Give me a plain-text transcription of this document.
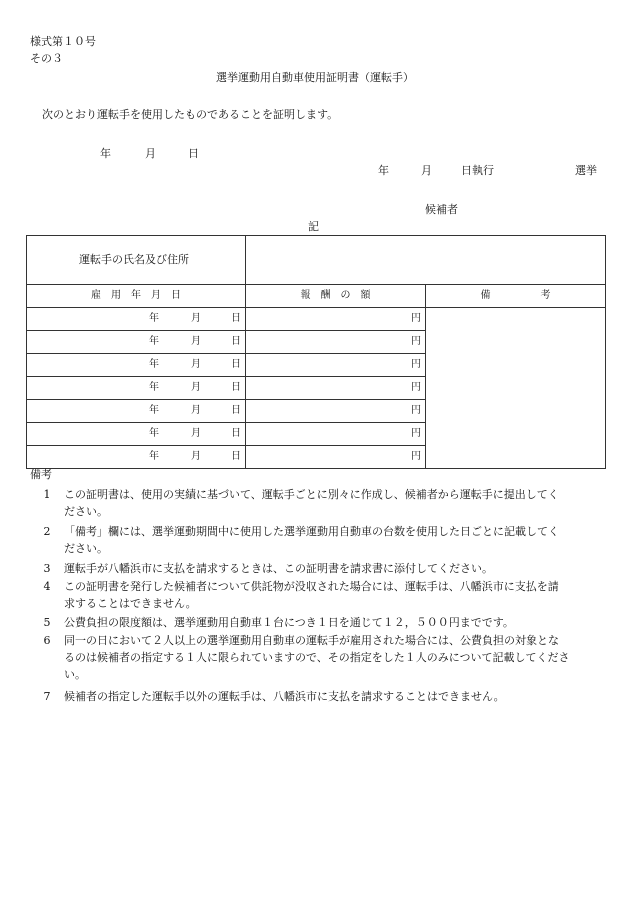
様式第１０号
その３
選挙運動用自動車使用証明書（運転手）
次のとおり運転手を使用したものであることを証明します。
年	月	日
年	月	日執行	選挙
候補者
記
運転手の氏名及び住所		
雇　用　年　月　日	報　酬　の　額	備　　　　　考

年 月 日	円	

年 月 日	円	

年 月 日	円	

年 月 日	円	

年 月 日	円	

年 月 日	円	

年 月 日	円	
備考
1 この証明書は、使用の実績に基づいて、運転手ごとに別々に作成し、候補者から運転手に提出してく
ださい。
2 「備考」欄には、選挙運動期間中に使用した選挙運動用自動車の台数を使用した日ごとに記載してく
ださい。
3 運転手が八幡浜市に支払を請求するときは、この証明書を請求書に添付してください。
4 この証明書を発行した候補者について供託物が没収された場合には、運転手は、八幡浜市に支払を請
求することはできません。
5 公費負担の限度額は、選挙運動用自動車１台につき１日を通じて１２，５００円までです。
6 同一の日において２人以上の選挙運動用自動車の運転手が雇用された場合には、公費負担の対象とな
るのは候補者の指定する１人に限られていますので、その指定をした１人のみについて記載してくださ
い。
7 候補者の指定した運転手以外の運転手は、八幡浜市に支払を請求することはできません。
